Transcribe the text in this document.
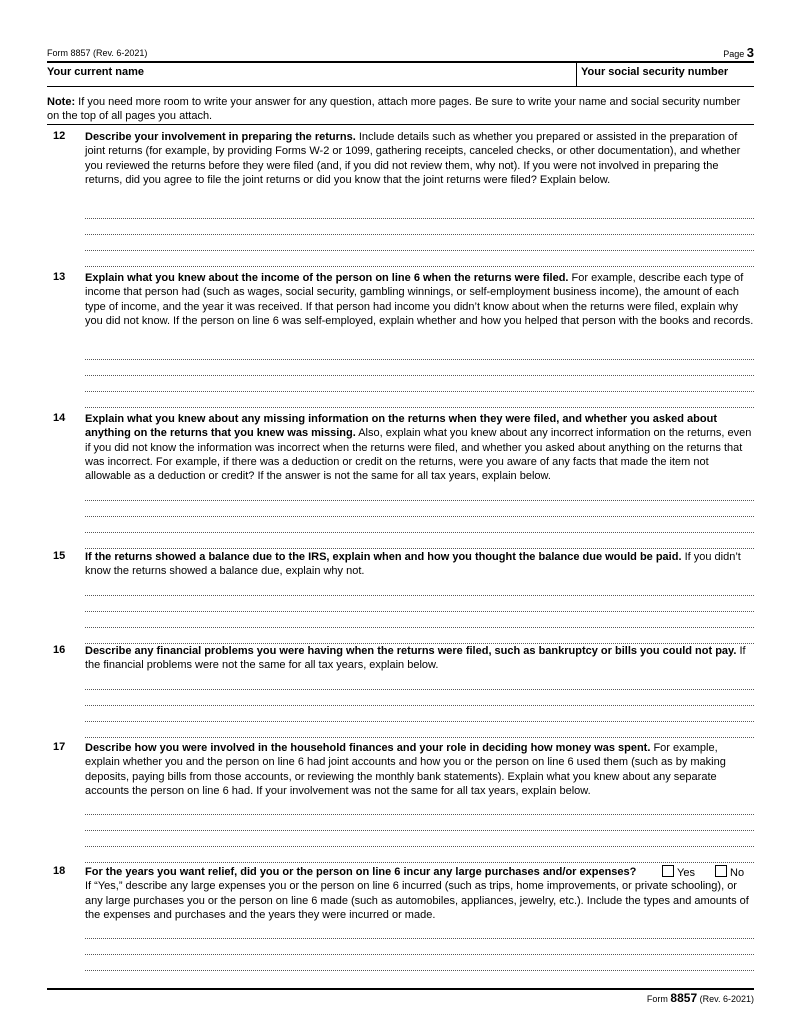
Form 8857 (Rev. 6-2021)	Page 3
Your current name	Your social security number
Note: If you need more room to write your answer for any question, attach more pages. Be sure to write your name and social security number on the top of all pages you attach.
12 Describe your involvement in preparing the returns. Include details such as whether you prepared or assisted in the preparation of joint returns (for example, by providing Forms W-2 or 1099, gathering receipts, canceled checks, or other documentation), and whether you reviewed the returns before they were filed (and, if you did not review them, why not). If you were not involved in preparing the returns, did you agree to file the joint returns or did you know that the joint returns were filed? Explain below.
13 Explain what you knew about the income of the person on line 6 when the returns were filed. For example, describe each type of income that person had (such as wages, social security, gambling winnings, or self-employment business income), the amount of each type of income, and the year it was received. If that person had income you didn’t know about when the returns were filed, explain why you did not know. If the person on line 6 was self-employed, explain whether and how you helped that person with the books and records.
14 Explain what you knew about any missing information on the returns when they were filed, and whether you asked about anything on the returns that you knew was missing. Also, explain what you knew about any incorrect information on the returns, even if you did not know the information was incorrect when the returns were filed, and whether you asked about anything on the returns that was incorrect. For example, if there was a deduction or credit on the returns, were you aware of any facts that made the item not allowable as a deduction or credit? If the answer is not the same for all tax years, explain below.
15 If the returns showed a balance due to the IRS, explain when and how you thought the balance due would be paid. If you didn’t know the returns showed a balance due, explain why not.
16 Describe any financial problems you were having when the returns were filed, such as bankruptcy or bills you could not pay. If the financial problems were not the same for all tax years, explain below.
17 Describe how you were involved in the household finances and your role in deciding how money was spent. For example, explain whether you and the person on line 6 had joint accounts and how you or the person on line 6 used them (such as by making deposits, paying bills from those accounts, or reviewing the monthly bank statements). Explain what you knew about any separate accounts the person on line 6 had. If your involvement was not the same for all tax years, explain below.
18 For the years you want relief, did you or the person on line 6 incur any large purchases and/or expenses?	Yes	No
If “Yes,” describe any large expenses you or the person on line 6 incurred (such as trips, home improvements, or private schooling), or any large purchases you or the person on line 6 made (such as automobiles, appliances, jewelry, etc.). Include the types and amounts of the expenses and purchases and the years they were incurred or made.
Form 8857 (Rev. 6-2021)
